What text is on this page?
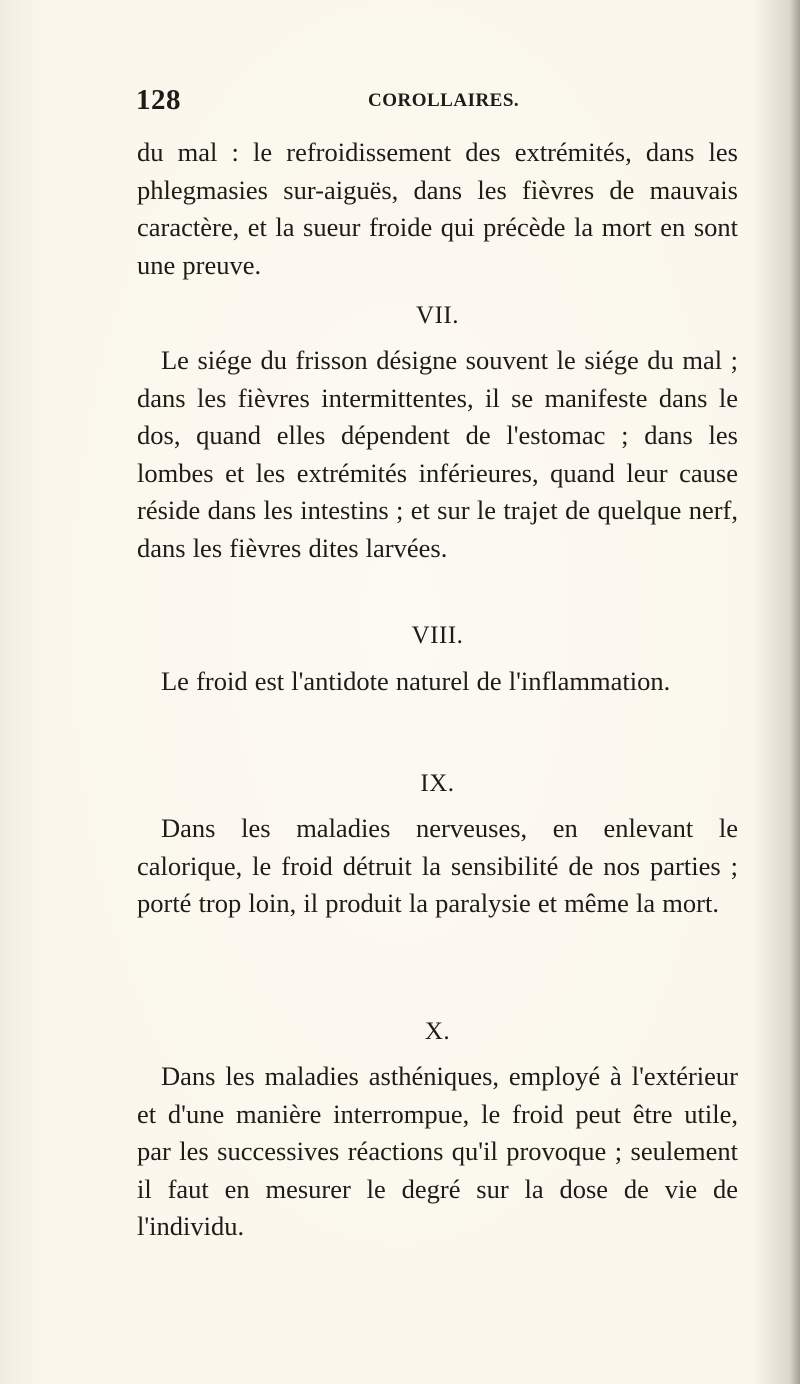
128	COROLLAIRES.
du mal : le refroidissement des extrémités, dans les phlegmasies sur-aiguës, dans les fièvres de mauvais caractère, et la sueur froide qui précède la mort en sont une preuve.
VII.
Le siége du frisson désigne souvent le siége du mal ; dans les fièvres intermittentes, il se manifeste dans le dos, quand elles dépendent de l'estomac ; dans les lombes et les extrémités inférieures, quand leur cause réside dans les intestins ; et sur le trajet de quelque nerf, dans les fièvres dites larvées.
VIII.
Le froid est l'antidote naturel de l'inflammation.
IX.
Dans les maladies nerveuses, en enlevant le calorique, le froid détruit la sensibilité de nos parties ; porté trop loin, il produit la paralysie et même la mort.
X.
Dans les maladies asthéniques, employé à l'extérieur et d'une manière interrompue, le froid peut être utile, par les successives réactions qu'il provoque ; seulement il faut en mesurer le degré sur la dose de vie de l'individu.
